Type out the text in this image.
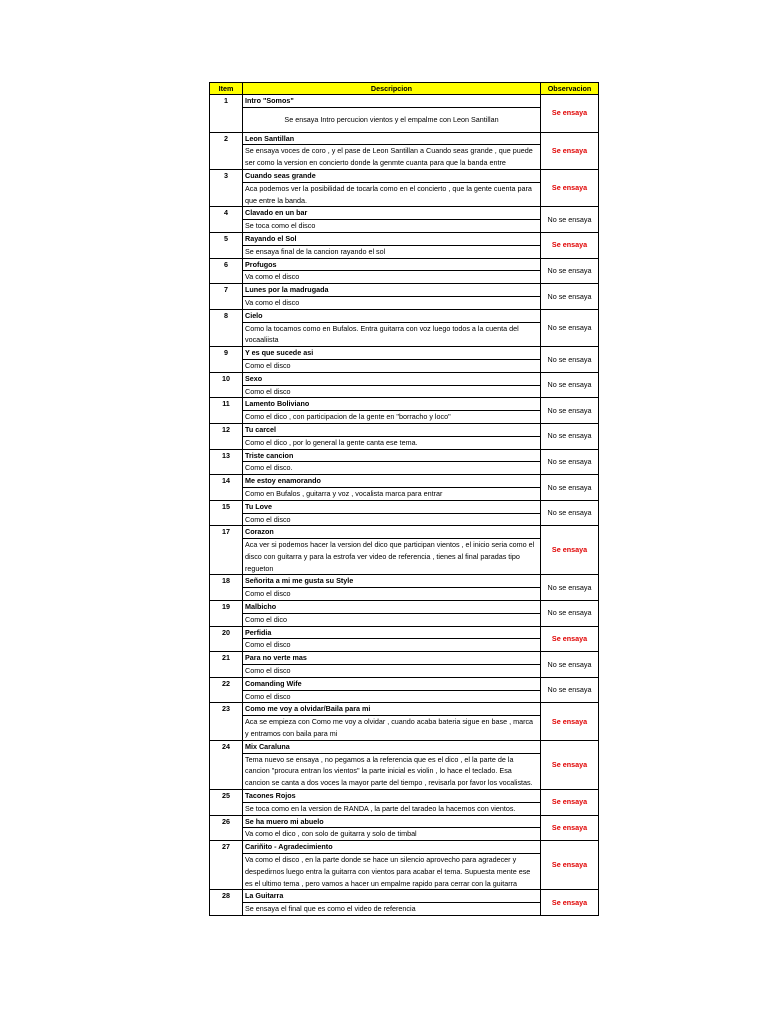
Item	Descripcion	Observacion
1	Intro "Somos"	Se ensaya
	Se ensaya Intro percucion vientos y el empalme con Leon Santillan	
2	Leon Santillan	Se ensaya
	Se ensaya voces de coro , y el pase de Leon Santillan a Cuando seas grande , que puede ser como la version en concierto donde la genmte cuanta para que la banda entre	
3	Cuando seas grande	Se ensaya
	Aca podemos ver la posibilidad de tocarla como en el concierto , que la gente cuenta para que entre la banda.	
4	Clavado en un bar	No se ensaya
	Se toca como el disco	
5	Rayando el Sol	Se ensaya
	Se ensaya final de la cancion rayando el sol	
6	Profugos	No se ensaya
	Va como el disco	
7	Lunes por la madrugada	No se ensaya
	Va como el disco	
8	Cielo	No se ensaya
	Como la tocamos como en Bufalos. Entra guitarra con voz luego todos a la cuenta del vocaaliista	
9	Y es que sucede asi	No se ensaya
	Como el disco	
10	Sexo	No se ensaya
	Como el disco	
11	Lamento Boliviano	No se ensaya
	Como el dico , con participacion de la gente en "borracho y loco"	
12	Tu carcel	No se ensaya
	Como el dico , por lo general la gente canta ese tema.	
13	Triste cancion	No se ensaya
	Como el disco.	
14	Me estoy enamorando	No se ensaya
	Como en Bufalos , guitarra y voz , vocalista marca para entrar	
15	Tu Love	No se ensaya
	Como el disco	
17	Corazon	Se ensaya
	Aca ver si podemos hacer la version del dico que participan vientos , el inicio seria como el disco con guitarra y para la estrofa ver video de referencia , tienes al final paradas tipo regueton	
18	Señorita a mi me gusta su Style	No se ensaya
	Como el disco	
19	Malbicho	No se ensaya
	Como el dico	
20	Perfidia	Se ensaya
	Como el disco	
21	Para no verte mas	No se ensaya
	Como el disco	
22	Comanding Wife	No se ensaya
	Como el disco	
23	Como me voy a olvidar/Baila para mi	Se ensaya
	Aca se empieza con Como me voy a olvidar , cuando acaba bateria sigue en base , marca y entramos con baila para mi	
24	Mix Caraluna	Se ensaya
	Tema nuevo se ensaya , no pegamos a la referencia que es el dico , el la parte de la cancion "procura entran los vientos" la parte inicial es violin , lo hace el teclado. Esa cancion se canta a dos voces la mayor parte del tiempo , revisarla por favor los vocalistas.	
25	Tacones Rojos	Se ensaya
	Se toca como en la version de RANDA , la parte del taradeo la hacemos con vientos.	
26	Se ha muero mi abuelo	Se ensaya
	Va como el dico , con solo de guitarra y solo de timbal	
27	Cariñito - Agradecimiento	Se ensaya
	Va como el disco , en la parte donde se hace un silencio aprovecho para agradecer y despedirnos luego entra la guitarra con vientos para acabar el tema. Supuesta mente ese es el ultimo tema , pero vamos a hacer un empalme rapido para cerrar con la guitarra	
28	La Guitarra	Se ensaya
	Se ensaya el final que es como el video de referencia	
